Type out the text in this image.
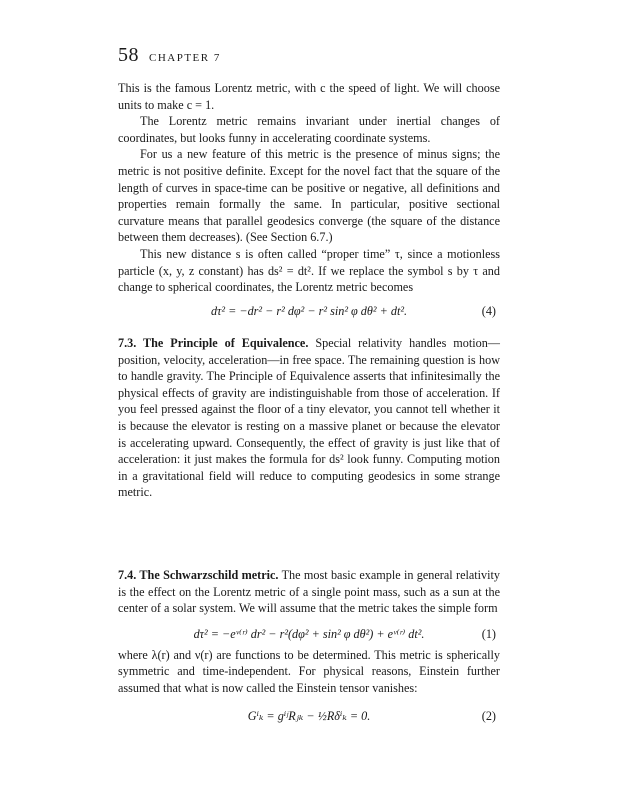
58 CHAPTER 7

This is the famous Lorentz metric, with c the speed of light. We will choose units to make c = 1.

The Lorentz metric remains invariant under inertial changes of coordinates, but looks funny in accelerating coordinate systems.

For us a new feature of this metric is the presence of minus signs; the metric is not positive definite. Except for the novel fact that the square of the length of curves in space-time can be positive or negative, all definitions and properties remain formally the same. In particular, positive sectional curvature means that parallel geodesics converge (the square of the distance between them decreases). (See Section 6.7.)

This new distance s is often called “proper time” τ, since a motionless particle (x, y, z constant) has ds² = dt². If we replace the symbol s by τ and change to spherical coordinates, the Lorentz metric becomes

dτ² = −dr² − r² dφ² − r² sin² φ dθ² + dt².	(4)

7.3. The Principle of Equivalence. Special relativity handles motion—position, velocity, acceleration—in free space. The remaining question is how to handle gravity. The Principle of Equivalence asserts that infinitesimally the physical effects of gravity are indistinguishable from those of acceleration. If you feel pressed against the floor of a tiny elevator, you cannot tell whether it is because the elevator is resting on a massive planet or because the elevator is accelerating upward. Consequently, the effect of gravity is just like that of acceleration: it just makes the formula for ds² look funny. Computing motion in a gravitational field will reduce to computing geodesics in some strange metric.

7.4. The Schwarzschild metric. The most basic example in general relativity is the effect on the Lorentz metric of a single point mass, such as a sun at the center of a solar system. We will assume that the metric takes the simple form

dτ² = −eᵛ⁽ʳ⁾ dr² − r²(dφ² + sin² φ dθ²) + eᵛ⁽ʳ⁾ dt².	(1)

where λ(r) and ν(r) are functions to be determined. This metric is spherically symmetric and time-independent. For physical reasons, Einstein further assumed that what is now called the Einstein tensor vanishes:

Gⁱₖ = gⁱʲRⱼₖ − ½Rδⁱₖ = 0.	(2)
